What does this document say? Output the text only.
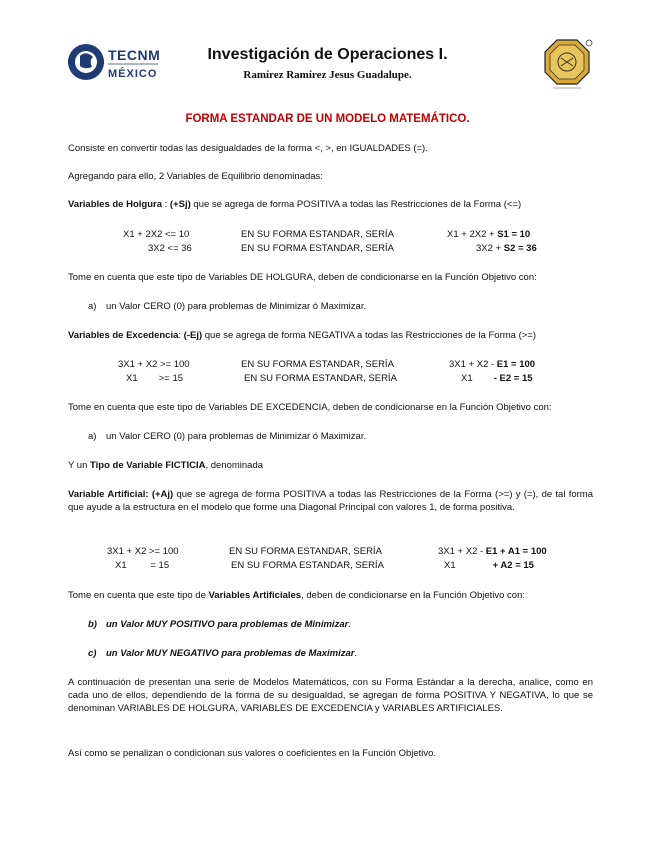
TECNM
MÉXICO
Investigación de Operaciones I.
Ramírez Ramírez Jesus Guadalupe.
FORMA ESTANDAR DE UN MODELO MATEMÁTICO.
Consiste en convertir todas las desigualdades de la forma <, >, en IGUALDADES (=).
Agregando para ello, 2 Variables de Equilibrio denominadas:
Variables de Holgura : (+Sj) que se agrega de forma POSITIVA a todas las Restricciones de la Forma (<=)
X1 + 2X2 <= 10	EN SU FORMA ESTANDAR, SERÍA	X1 + 2X2 + S1 = 10
3X2 <= 36	EN SU FORMA ESTANDAR, SERÍA	3X2 + S2 = 36
Tome en cuenta que este tipo de Variables DE HOLGURA, deben de condicionarse en la Función Objetivo con:
a) un Valor CERO (0) para problemas de Minimizar ó Maximizar.
Variables de Excedencia: (-Ej) que se agrega de forma NEGATIVA a todas las Restricciones de la Forma (>=)
3X1 + X2 >= 100	EN SU FORMA ESTANDAR, SERÍA	3X1 + X2 - E1 = 100
X1        >= 15	EN SU FORMA ESTANDAR, SERÍA	X1        - E2 = 15
Tome en cuenta que este tipo de Variables DE EXCEDENCIA, deben de condicionarse en la Función Objetivo con:
a) un Valor CERO (0) para problemas de Minimizar ó Maximizar.
Y un Tipo de Variable FICTICIA, denominada
Variable Artificial: (+Aj) que se agrega de forma POSITIVA a todas las Restricciones de la Forma (>=) y (=), de tal forma que ayude a la estructura en el modelo que forme una Diagonal Principal con valores 1, de forma positiva.
3X1 + X2 >= 100	EN SU FORMA ESTANDAR, SERÍA	3X1 + X2 - E1 + A1 = 100
X1         = 15	EN SU FORMA ESTANDAR, SERÍA	X1              + A2 = 15
Tome en cuenta que este tipo de Variables Artificiales, deben de condicionarse en la Función Objetivo con:
b) un Valor MUY POSITIVO para problemas de Minimizar.
c) un Valor MUY NEGATIVO para problemas de Maximizar.
A continuación de presentan una serie de Modelos Matemáticos, con su Forma Estándar a la derecha, analice, como en cada uno de ellos, dependiendo de la forma de su desigualdad, se agregan de forma POSITIVA Y NEGATIVA, lo que se denominan VARIABLES DE HOLGURA, VARIABLES DE EXCEDENCIA y VARIABLES ARTIFICIALES.
Así como se penalizan o condicionan sus valores o coeficientes en la Función Objetivo.
